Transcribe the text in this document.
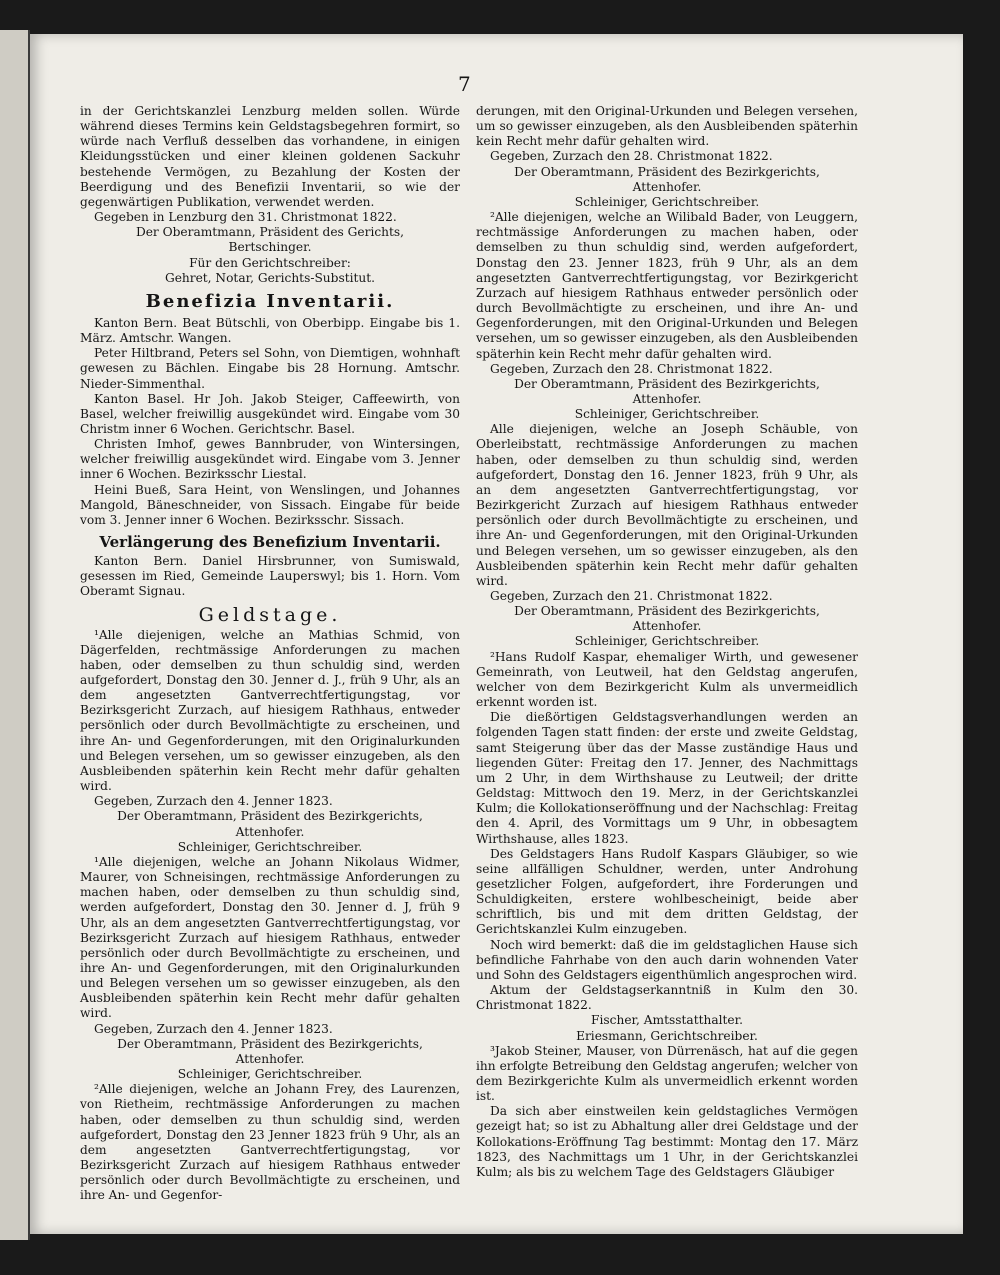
7

in der Gerichtskanzlei Lenzburg melden sollen. Würde während dieses Termins kein Geldstagsbegehren formirt, so würde nach Verfluß desselben das vorhandene, in einigen Kleidungsstücken und einer kleinen goldenen Sackuhr bestehende Vermögen, zu Bezahlung der Kosten der Beerdigung und des Benefizii Inventarii, so wie der gegenwärtigen Publikation, verwendet werden.

Gegeben in Lenzburg den 31. Christmonat 1822.

Der Oberamtmann, Präsident des Gerichts,

Bertschinger.

Für den Gerichtschreiber:

Gehret, Notar, Gerichts-Substitut.

Benefizia Inventarii.

Kanton Bern. Beat Bütschli, von Oberbipp. Eingabe bis 1. März. Amtschr. Wangen.

Peter Hiltbrand, Peters sel Sohn, von Diemtigen, wohnhaft gewesen zu Bächlen. Eingabe bis 28 Hornung. Amtschr. Nieder-Simmenthal.

Kanton Basel. Hr Joh. Jakob Steiger, Caffeewirth, von Basel, welcher freiwillig ausgekündet wird. Eingabe vom 30 Christm inner 6 Wochen. Gerichtschr. Basel.

Christen Imhof, gewes Bannbruder, von Wintersingen, welcher freiwillig ausgekündet wird. Eingabe vom 3. Jenner inner 6 Wochen. Bezirksschr Liestal.

Heini Bueß, Sara Heint, von Wenslingen, und Johannes Mangold, Bäneschneider, von Sissach. Eingabe für beide vom 3. Jenner inner 6 Wochen. Bezirksschr. Sissach.

Verlängerung des Benefizium Inventarii.

Kanton Bern. Daniel Hirsbrunner, von Sumiswald, gesessen im Ried, Gemeinde Lauperswyl; bis 1. Horn. Vom Oberamt Signau.

Geldstage.

¹Alle diejenigen, welche an Mathias Schmid, von Dägerfelden, rechtmässige Anforderungen zu machen haben, oder demselben zu thun schuldig sind, werden aufgefordert, Donstag den 30. Jenner d. J., früh 9 Uhr, als an dem angesetzten Gantverrechtfertigungstag, vor Bezirksgericht Zurzach, auf hiesigem Rathhaus, entweder persönlich oder durch Bevollmächtigte zu erscheinen, und ihre An- und Gegenforderungen, mit den Originalurkunden und Belegen versehen, um so gewisser einzugeben, als den Ausbleibenden späterhin kein Recht mehr dafür gehalten wird.

Gegeben, Zurzach den 4. Jenner 1823.

Der Oberamtmann, Präsident des Bezirkgerichts,

Attenhofer.

Schleiniger, Gerichtschreiber.

¹Alle diejenigen, welche an Johann Nikolaus Widmer, Maurer, von Schneisingen, rechtmässige Anforderungen zu machen haben, oder demselben zu thun schuldig sind, werden aufgefordert, Donstag den 30. Jenner d. J, früh 9 Uhr, als an dem angesetzten Gantverrechtfertigungstag, vor Bezirksgericht Zurzach auf hiesigem Rathhaus, entweder persönlich oder durch Bevollmächtigte zu erscheinen, und ihre An- und Gegenforderungen, mit den Originalurkunden und Belegen versehen um so gewisser einzugeben, als den Ausbleibenden späterhin kein Recht mehr dafür gehalten wird.

Gegeben, Zurzach den 4. Jenner 1823.

Der Oberamtmann, Präsident des Bezirkgerichts,

Attenhofer.

Schleiniger, Gerichtschreiber.

²Alle diejenigen, welche an Johann Frey, des Laurenzen, von Rietheim, rechtmässige Anforderungen zu machen haben, oder demselben zu thun schuldig sind, werden aufgefordert, Donstag den 23 Jenner 1823 früh 9 Uhr, als an dem angesetzten Gantverrechtfertigungstag, vor Bezirksgericht Zurzach auf hiesigem Rathhaus entweder persönlich oder durch Bevollmächtigte zu erscheinen, und ihre An- und Gegenfor-

derungen, mit den Original-Urkunden und Belegen versehen, um so gewisser einzugeben, als den Ausbleibenden späterhin kein Recht mehr dafür gehalten wird.

Gegeben, Zurzach den 28. Christmonat 1822.

Der Oberamtmann, Präsident des Bezirkgerichts,

Attenhofer.

Schleiniger, Gerichtschreiber.

²Alle diejenigen, welche an Wilibald Bader, von Leuggern, rechtmässige Anforderungen zu machen haben, oder demselben zu thun schuldig sind, werden aufgefordert, Donstag den 23. Jenner 1823, früh 9 Uhr, als an dem angesetzten Gantverrechtfertigungstag, vor Bezirkgericht Zurzach auf hiesigem Rathhaus entweder persönlich oder durch Bevollmächtigte zu erscheinen, und ihre An- und Gegenforderungen, mit den Original-Urkunden und Belegen versehen, um so gewisser einzugeben, als den Ausbleibenden späterhin kein Recht mehr dafür gehalten wird.

Gegeben, Zurzach den 28. Christmonat 1822.

Der Oberamtmann, Präsident des Bezirkgerichts,

Attenhofer.

Schleiniger, Gerichtschreiber.

Alle diejenigen, welche an Joseph Schäuble, von Oberleibstatt, rechtmässige Anforderungen zu machen haben, oder demselben zu thun schuldig sind, werden aufgefordert, Donstag den 16. Jenner 1823, früh 9 Uhr, als an dem angesetzten Gantverrechtfertigungstag, vor Bezirkgericht Zurzach auf hiesigem Rathhaus entweder persönlich oder durch Bevollmächtigte zu erscheinen, und ihre An- und Gegenforderungen, mit den Original-Urkunden und Belegen versehen, um so gewisser einzugeben, als den Ausbleibenden späterhin kein Recht mehr dafür gehalten wird.

Gegeben, Zurzach den 21. Christmonat 1822.

Der Oberamtmann, Präsident des Bezirkgerichts,

Attenhofer.

Schleiniger, Gerichtschreiber.

²Hans Rudolf Kaspar, ehemaliger Wirth, und gewesener Gemeinrath, von Leutweil, hat den Geldstag angerufen, welcher von dem Bezirkgericht Kulm als unvermeidlich erkennt worden ist.

Die dießörtigen Geldstagsverhandlungen werden an folgenden Tagen statt finden: der erste und zweite Geldstag, samt Steigerung über das der Masse zuständige Haus und liegenden Güter: Freitag den 17. Jenner, des Nachmittags um 2 Uhr, in dem Wirthshause zu Leutweil; der dritte Geldstag: Mittwoch den 19. Merz, in der Gerichtskanzlei Kulm; die Kollokationseröffnung und der Nachschlag: Freitag den 4. April, des Vormittags um 9 Uhr, in obbesagtem Wirthshause, alles 1823.

Des Geldstagers Hans Rudolf Kaspars Gläubiger, so wie seine allfälligen Schuldner, werden, unter Androhung gesetzlicher Folgen, aufgefordert, ihre Forderungen und Schuldigkeiten, erstere wohlbescheinigt, beide aber schriftlich, bis und mit dem dritten Geldstag, der Gerichtskanzlei Kulm einzugeben.

Noch wird bemerkt: daß die im geldstaglichen Hause sich befindliche Fahrhabe von den auch darin wohnenden Vater und Sohn des Geldstagers eigenthümlich angesprochen wird.

Aktum der Geldstagserkanntniß in Kulm den 30. Christmonat 1822.

Fischer, Amtsstatthalter.

Eriesmann, Gerichtschreiber.

³Jakob Steiner, Mauser, von Dürrenäsch, hat auf die gegen ihn erfolgte Betreibung den Geldstag angerufen; welcher von dem Bezirkgerichte Kulm als unvermeidlich erkennt worden ist.

Da sich aber einstweilen kein geldstagliches Vermögen gezeigt hat; so ist zu Abhaltung aller drei Geldstage und der Kollokations-Eröffnung Tag bestimmt: Montag den 17. März 1823, des Nachmittags um 1 Uhr, in der Gerichtskanzlei Kulm; als bis zu welchem Tage des Geldstagers Gläubiger
